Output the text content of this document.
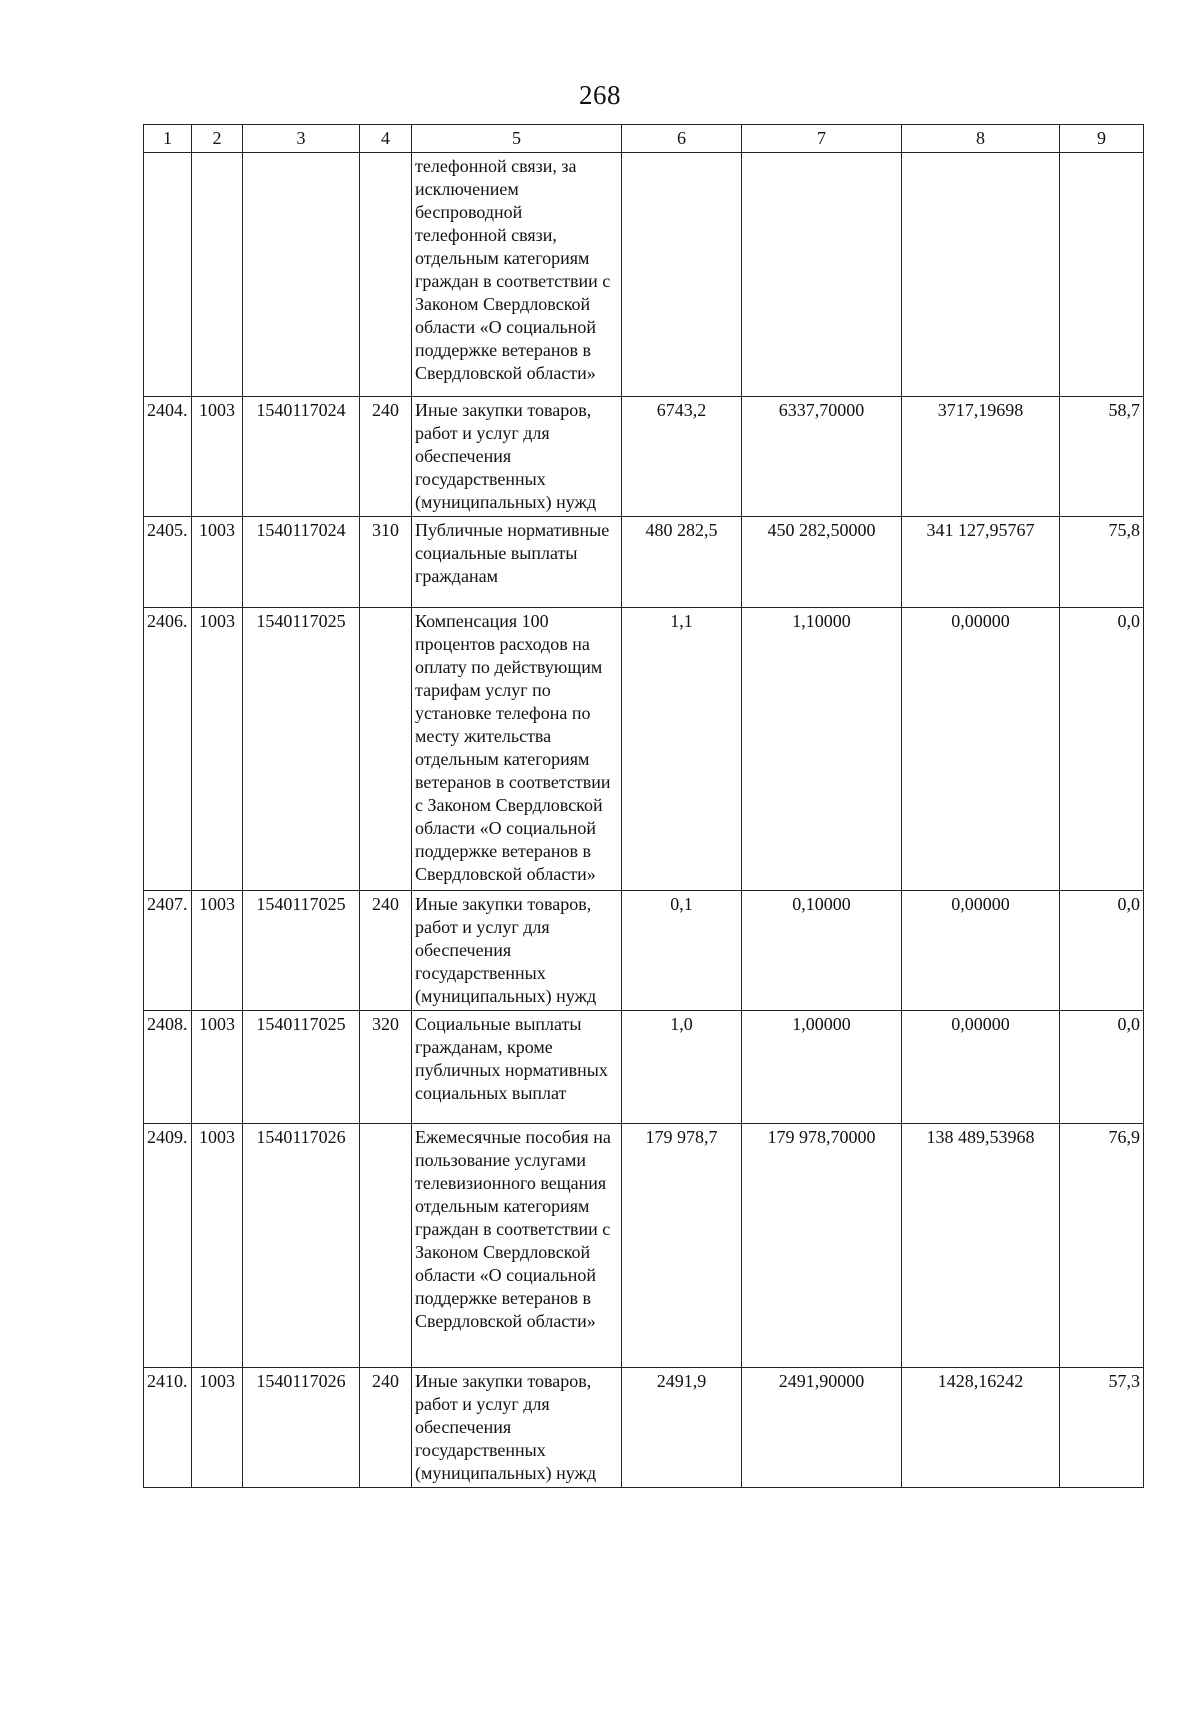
268
1	2	3	4	5	6	7	8	9
				телефонной связи, за исключением беспроводной телефонной связи, отдельным категориям граждан в соответствии с Законом Свердловской области «О социальной поддержке ветеранов в Свердловской области»				
2404.	1003	1540117024	240	Иные закупки товаров, работ и услуг для обеспечения государственных (муниципальных) нужд	6743,2	6337,70000	3717,19698	58,7
2405.	1003	1540117024	310	Публичные нормативные социальные выплаты гражданам	480 282,5	450 282,50000	341 127,95767	75,8
2406.	1003	1540117025		Компенсация 100 процентов расходов на оплату по действующим тарифам услуг по установке телефона по месту жительства отдельным категориям ветеранов в соответствии с Законом Свердловской области «О социальной поддержке ветеранов в Свердловской области»	1,1	1,10000	0,00000	0,0
2407.	1003	1540117025	240	Иные закупки товаров, работ и услуг для обеспечения государственных (муниципальных) нужд	0,1	0,10000	0,00000	0,0
2408.	1003	1540117025	320	Социальные выплаты гражданам, кроме публичных нормативных социальных выплат	1,0	1,00000	0,00000	0,0
2409.	1003	1540117026		Ежемесячные пособия на пользование услугами телевизионного вещания отдельным категориям граждан в соответствии с Законом Свердловской области «О социальной поддержке ветеранов в Свердловской области»	179 978,7	179 978,70000	138 489,53968	76,9
2410.	1003	1540117026	240	Иные закупки товаров, работ и услуг для обеспечения государственных (муниципальных) нужд	2491,9	2491,90000	1428,16242	57,3
